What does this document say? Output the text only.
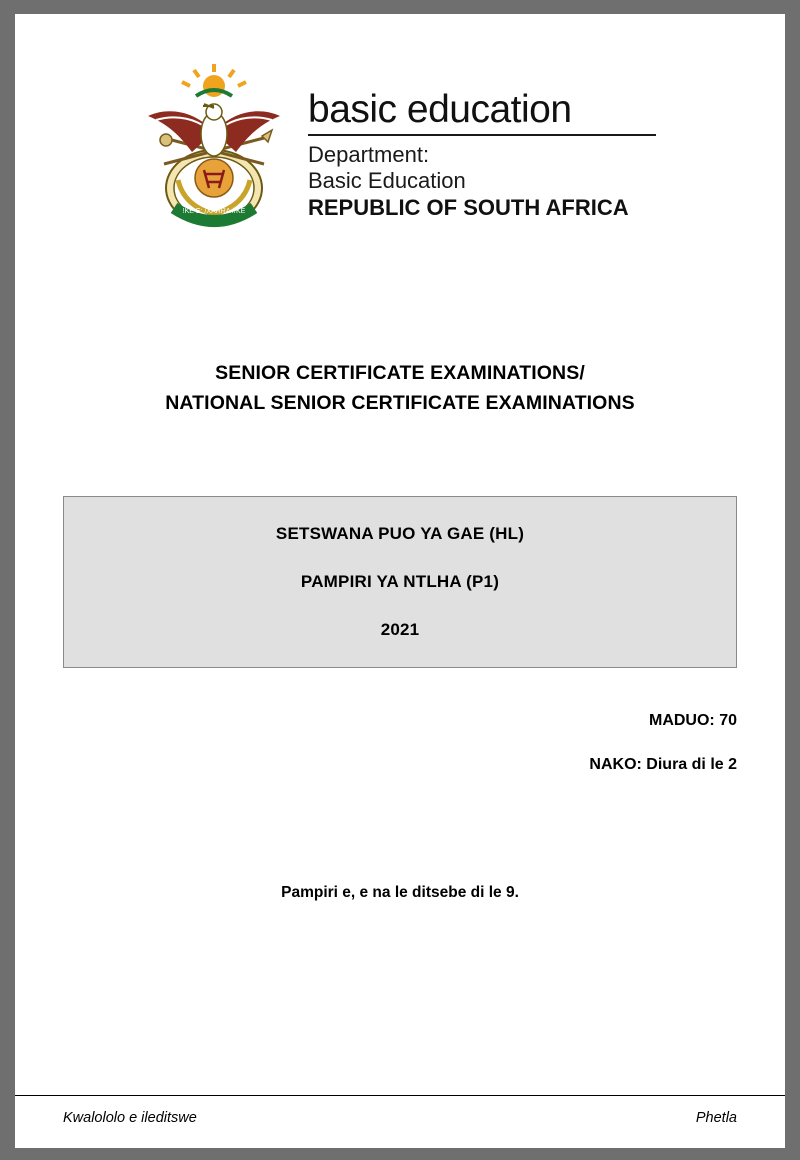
!KE E: /XARRA //KE
basic education
Department:
Basic Education
REPUBLIC OF SOUTH AFRICA
SENIOR CERTIFICATE EXAMINATIONS/
NATIONAL SENIOR CERTIFICATE EXAMINATIONS
SETSWANA PUO YA GAE (HL)
PAMPIRI YA NTLHA (P1)
2021
MADUO: 70
NAKO: Diura di le 2
Pampiri e, e na le ditsebe di le 9.
Kwalololo e ileditswe	Phetla
